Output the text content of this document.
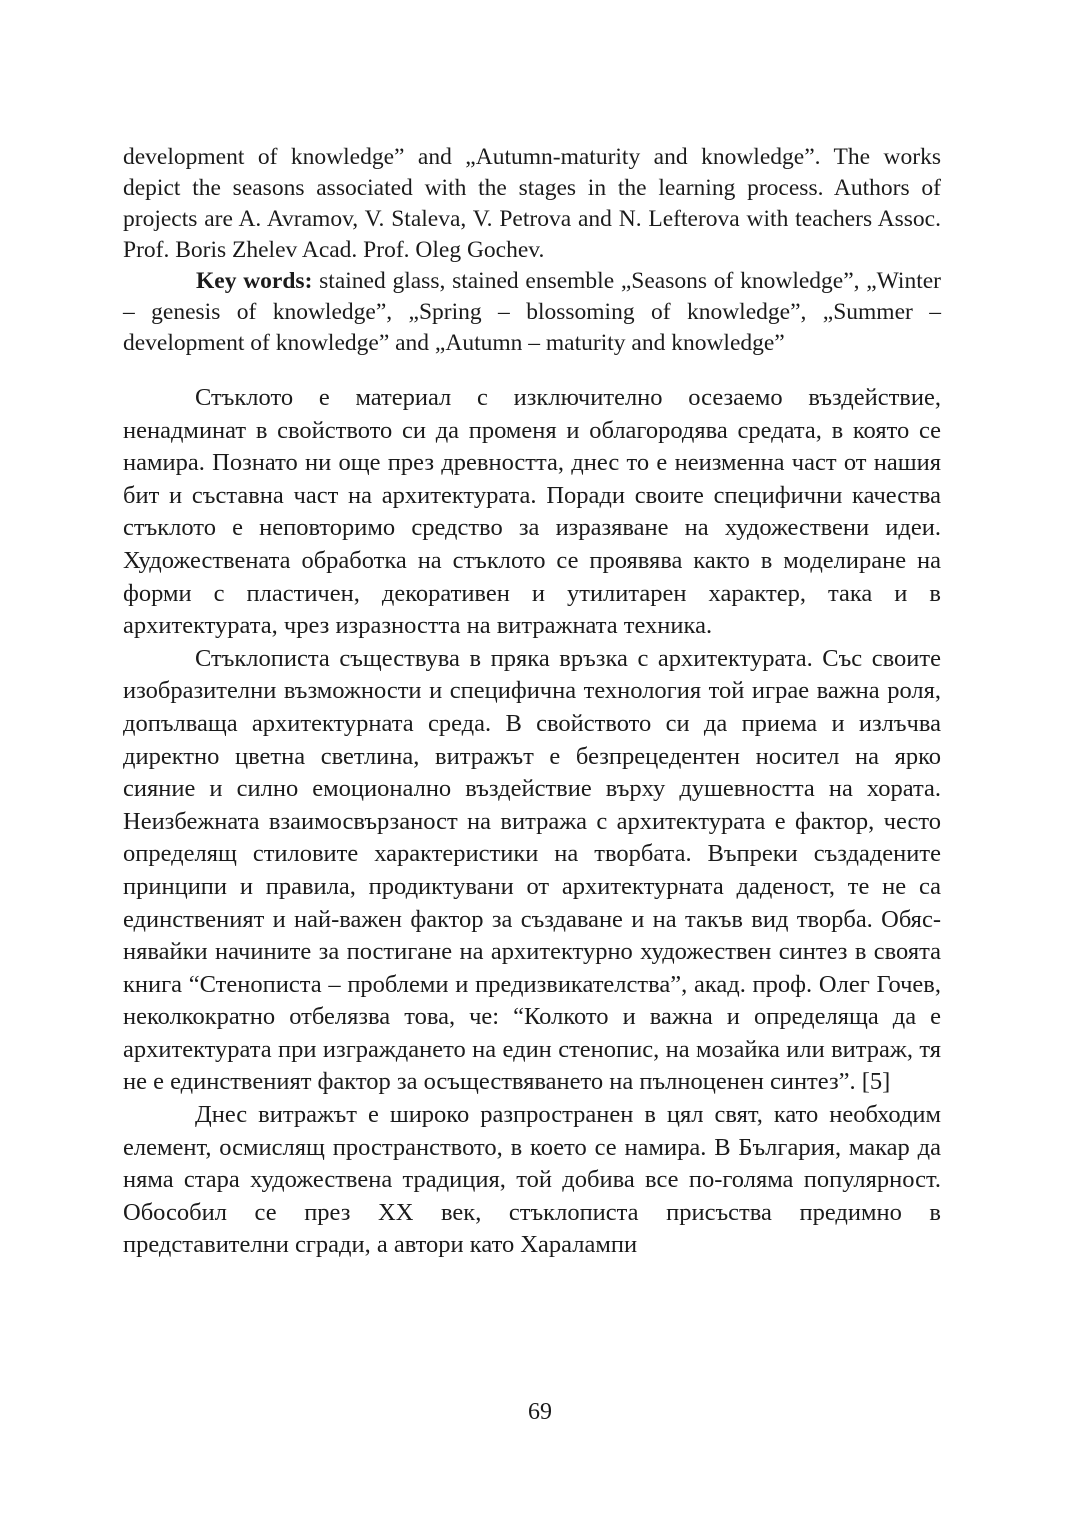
development of knowledge” and „Autumn-maturity and knowledge”. The works depict the seasons associated with the stages in the learning process. Authors of projects are A. Avramov, V. Staleva, V. Petrova and N. Lefterova with teachers Assoc. Prof. Boris Zhelev Acad. Prof. Oleg Gochev.

Key words: stained glass, stained ensemble „Seasons of knowledge”, „Winter – genesis of knowledge”, „Spring – blossoming of knowledge”, „Summer – development of knowledge” and „Autumn – maturity and knowledge”

Стъклото е материал с изключително осезаемо въздействие, ненадминат в свойството си да променя и облагородява средата, в която се намира. Познато ни още през древността, днес то е неизменна част от нашия бит и съставна част на архитектурата. Поради своите специфични качества стъклото е неповторимо средство за изразяване на художествени идеи. Художествената обработка на стъклото се проявява както в моделиране на форми с пластичен, декоративен и утилитарен характер, така и в архитектурата, чрез изразността на витражната техника.

Стъклописта съществува в пряка връзка с архитектурата. Със своите изобразителни възможности и специфична технология той играе важна роля, допълваща архитектурната среда. В свойството си да приема и излъчва директно цветна светлина, витражът е безпрецедентен носител на ярко сияние и силно емоционално въздействие върху душевността на хората. Неизбежната взаимосвързаност на витража с архитектурата е фактор, често определящ стиловите характеристики на творбата. Въпреки създадените принципи и правила, продиктувани от архитектурната даденост, те не са единственият и най-важен фактор за създаване и на такъв вид творба. Обяснявайки начините за постигане на архитектурно художествен синтез в своята книга “Стенописта – проблеми и предизвикателства”, акад. проф. Олег Гочев, неколкократно отбелязва това, че: “Колкото и важна и определяща да е архитектурата при изграждането на един стенопис, на мозайка или витраж, тя не е единственият фактор за осъществяването на пълноценен синтез”. [5]

Днес витражът е широко разпространен в цял свят, като необходим елемент, осмислящ пространството, в което се намира. В България, макар да няма стара художествена традиция, той добива все по-голяма популярност. Обособил се през ХХ век, стъклописта присъства предимно в представителни сгради, а автори като Харалампи

69
